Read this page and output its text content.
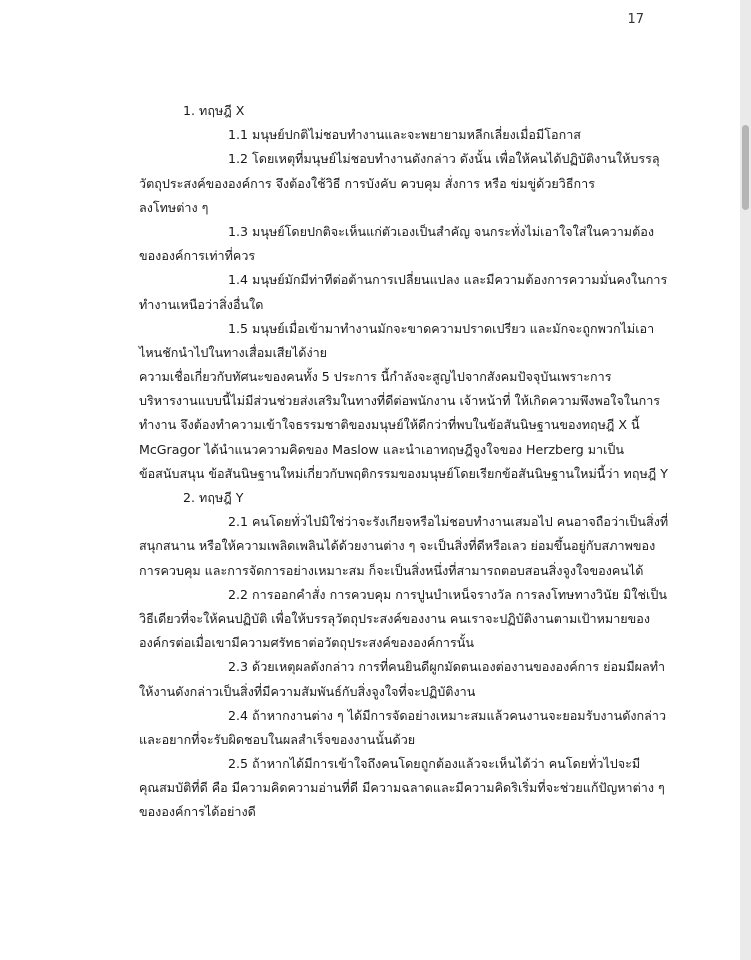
17
1. ทฤษฎี X
1.1 มนุษย์ปกติไม่ชอบทำงานและจะพยายามหลีกเลี่ยงเมื่อมีโอกาส
1.2 โดยเหตุที่มนุษย์ไม่ชอบทำงานดังกล่าว ดังนั้น เพื่อให้คนได้ปฏิบัติงานให้บรรลุ
วัตถุประสงค์ขององค์การ จึงต้องใช้วิธี การบังคับ ควบคุม สั่งการ หรือ ข่มขู่ด้วยวิธีการ
ลงโทษต่าง ๆ
1.3 มนุษย์โดยปกติจะเห็นแก่ตัวเองเป็นสำคัญ จนกระทั่งไม่เอาใจใส่ในความต้อง
ขององค์การเท่าที่ควร
1.4 มนุษย์มักมีท่าทีต่อต้านการเปลี่ยนแปลง และมีความต้องการความมั่นคงในการ
ทำงานเหนือว่าสิ่งอื่นใด
1.5 มนุษย์เมื่อเข้ามาทำงานมักจะขาดความปราดเปรียว และมักจะถูกพวกไม่เอา
ไหนชักนำไปในทางเสื่อมเสียได้ง่าย
ความเชื่อเกี่ยวกับทัศนะของคนทั้ง 5 ประการ นี้กำลังจะสูญไปจากสังคมปัจจุบันเพราะการ
บริหารงานแบบนี้ไม่มีส่วนช่วยส่งเสริมในทางที่ดีต่อพนักงาน เจ้าหน้าที่ ให้เกิดความพึงพอใจในการ
ทำงาน จึงต้องทำความเข้าใจธรรมชาติของมนุษย์ให้ดีกว่าที่พบในข้อสันนิษฐานของทฤษฎี X นี้
McGragor ได้นำแนวความคิดของ Maslow และนำเอาทฤษฎีจูงใจของ Herzberg มาเป็น
ข้อสนับสนุน ข้อสันนิษฐานใหม่เกี่ยวกับพฤติกรรมของมนุษย์โดยเรียกข้อสันนิษฐานใหม่นี้ว่า ทฤษฎี Y
2. ทฤษฎี Y
2.1 คนโดยทั่วไปมิใช่ว่าจะรังเกียจหรือไม่ชอบทำงานเสมอไป คนอาจถือว่าเป็นสิ่งที่
สนุกสนาน หรือให้ความเพลิดเพลินได้ด้วยงานต่าง ๆ จะเป็นสิ่งที่ดีหรือเลว ย่อมขึ้นอยู่กับสภาพของ
การควบคุม และการจัดการอย่างเหมาะสม ก็จะเป็นสิ่งหนึ่งที่สามารถตอบสอนสิ่งจูงใจของคนได้
2.2 การออกคำสั่ง การควบคุม การปูนบำเหน็จรางวัล การลงโทษทางวินัย มิใช่เป็น
วิธีเดียวที่จะให้คนปฏิบัติ เพื่อให้บรรลุวัตถุประสงค์ของงาน คนเราจะปฏิบัติงานตามเป้าหมายของ
องค์กรต่อเมื่อเขามีความศรัทธาต่อวัตถุประสงค์ขององค์การนั้น
2.3 ด้วยเหตุผลดังกล่าว การที่คนยินดีผูกมัดตนเองต่องานขององค์การ ย่อมมีผลทำ
ให้งานดังกล่าวเป็นสิ่งที่มีความสัมพันธ์กับสิ่งจูงใจที่จะปฏิบัติงาน
2.4 ถ้าหากงานต่าง ๆ ได้มีการจัดอย่างเหมาะสมแล้วคนงานจะยอมรับงานดังกล่าว
และอยากที่จะรับผิดชอบในผลสำเร็จของงานนั้นด้วย
2.5 ถ้าหากได้มีการเข้าใจถึงคนโดยถูกต้องแล้วจะเห็นได้ว่า คนโดยทั่วไปจะมี
คุณสมบัติที่ดี คือ มีความคิดความอ่านที่ดี มีความฉลาดและมีความคิดริเริ่มที่จะช่วยแก้ปัญหาต่าง ๆ
ขององค์การได้อย่างดี
